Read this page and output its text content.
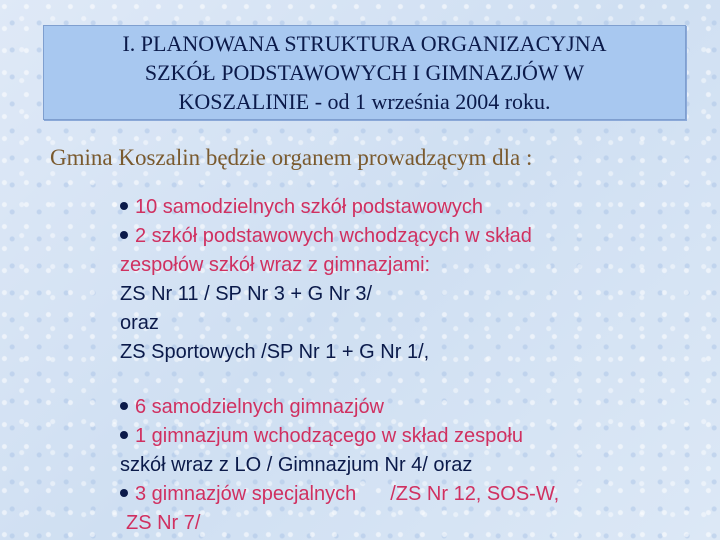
I. PLANOWANA STRUKTURA ORGANIZACYJNA
SZKÓŁ PODSTAWOWYCH I GIMNAZJÓW W
KOSZALINIE - od 1 września 2004 roku.
Gmina Koszalin będzie organem prowadzącym dla :
10 samodzielnych szkół podstawowych
2 szkół podstawowych wchodzących w skład
zespołów szkół wraz z gimnazjami:
ZS Nr 11 / SP Nr 3 + G Nr 3/
oraz
ZS Sportowych /SP Nr 1 + G Nr 1/,
6 samodzielnych gimnazjów
1 gimnazjum wchodzącego w skład zespołu
szkół wraz z LO / Gimnazjum Nr 4/ oraz
3 gimnazjów specjalnych /ZS Nr 12, SOS-W,
ZS Nr 7/
